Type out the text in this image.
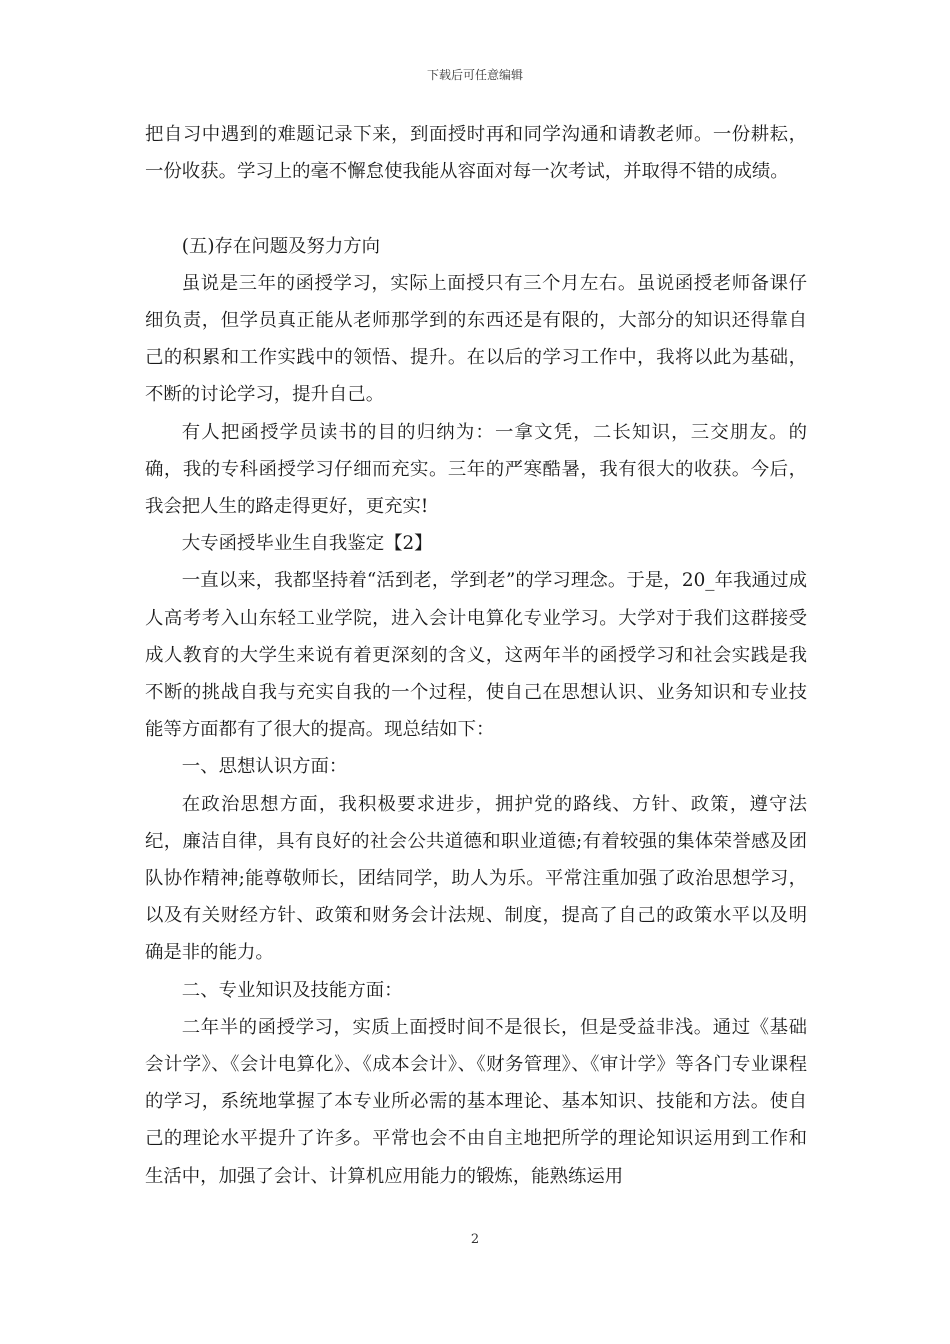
下载后可任意编辑

把自习中遇到的难题记录下来，到面授时再和同学沟通和请教老师。一份耕耘，一份收获。学习上的毫不懈怠使我能从容面对每一次考试，并取得不错的成绩。

(五)存在问题及努力方向

虽说是三年的函授学习，实际上面授只有三个月左右。虽说函授老师备课仔细负责，但学员真正能从老师那学到的东西还是有限的，大部分的知识还得靠自己的积累和工作实践中的领悟、提升。在以后的学习工作中，我将以此为基础，不断的讨论学习，提升自己。

有人把函授学员读书的目的归纳为：一拿文凭，二长知识，三交朋友。的确，我的专科函授学习仔细而充实。三年的严寒酷暑，我有很大的收获。今后，我会把人生的路走得更好，更充实!

大专函授毕业生自我鉴定【2】

一直以来，我都坚持着“活到老，学到老”的学习理念。于是，20_年我通过成人高考考入山东轻工业学院，进入会计电算化专业学习。大学对于我们这群接受成人教育的大学生来说有着更深刻的含义，这两年半的函授学习和社会实践是我不断的挑战自我与充实自我的一个过程，使自己在思想认识、业务知识和专业技能等方面都有了很大的提高。现总结如下：

一、思想认识方面：

在政治思想方面，我积极要求进步，拥护党的路线、方针、政策，遵守法纪，廉洁自律，具有良好的社会公共道德和职业道德;有着较强的集体荣誉感及团队协作精神;能尊敬师长，团结同学，助人为乐。平常注重加强了政治思想学习，以及有关财经方针、政策和财务会计法规、制度，提高了自己的政策水平以及明确是非的能力。

二、专业知识及技能方面：

二年半的函授学习，实质上面授时间不是很长，但是受益非浅。通过《基础会计学》、《会计电算化》、《成本会计》、《财务管理》、《审计学》等各门专业课程的学习，系统地掌握了本专业所必需的基本理论、基本知识、技能和方法。使自己的理论水平提升了许多。平常也会不由自主地把所学的理论知识运用到工作和生活中，加强了会计、计算机应用能力的锻炼，能熟练运用

2
